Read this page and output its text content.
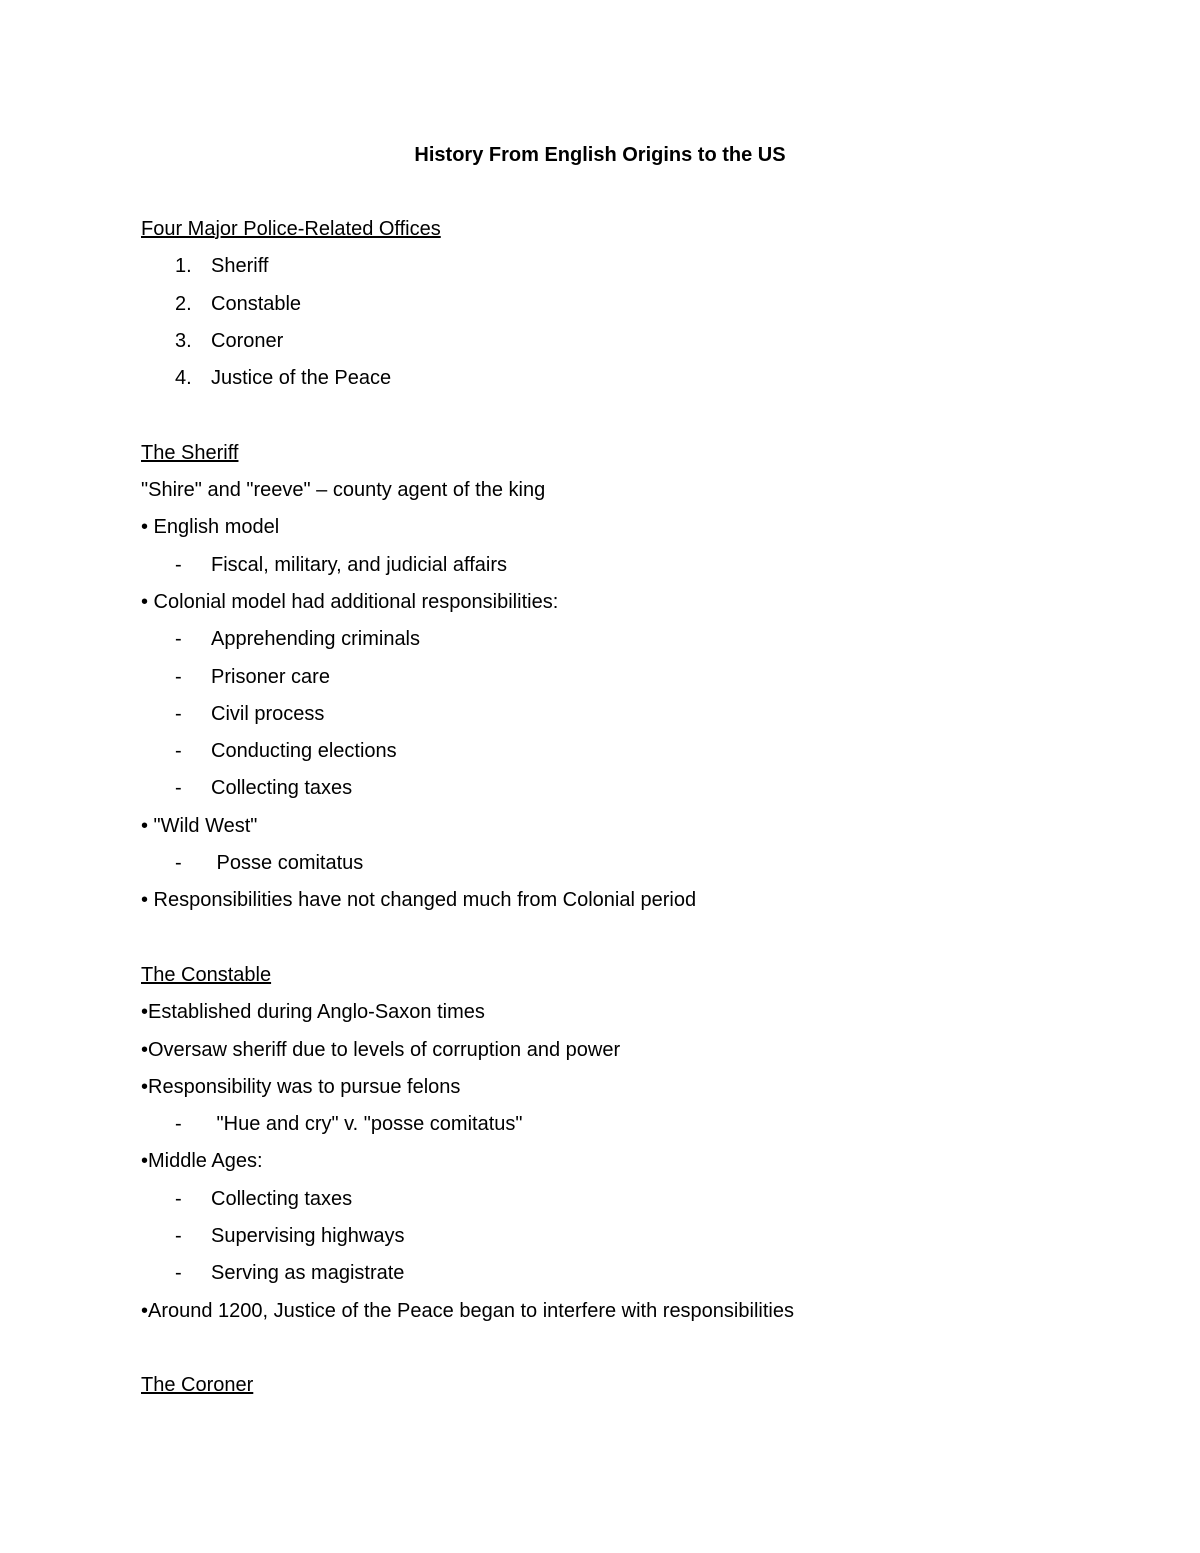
History From English Origins to the US
Four Major Police-Related Offices
1. Sheriff
2. Constable
3. Coroner
4. Justice of the Peace
The Sheriff
"Shire" and "reeve" – county agent of the king
• English model
- Fiscal, military, and judicial affairs
• Colonial model had additional responsibilities:
- Apprehending criminals
- Prisoner care
- Civil process
- Conducting elections
- Collecting taxes
• "Wild West"
- Posse comitatus
• Responsibilities have not changed much from Colonial period
The Constable
•Established during Anglo-Saxon times
•Oversaw sheriff due to levels of corruption and power
•Responsibility was to pursue felons
- "Hue and cry" v. "posse comitatus"
•Middle Ages:
- Collecting taxes
- Supervising highways
- Serving as magistrate
•Around 1200, Justice of the Peace began to interfere with responsibilities
The Coroner
